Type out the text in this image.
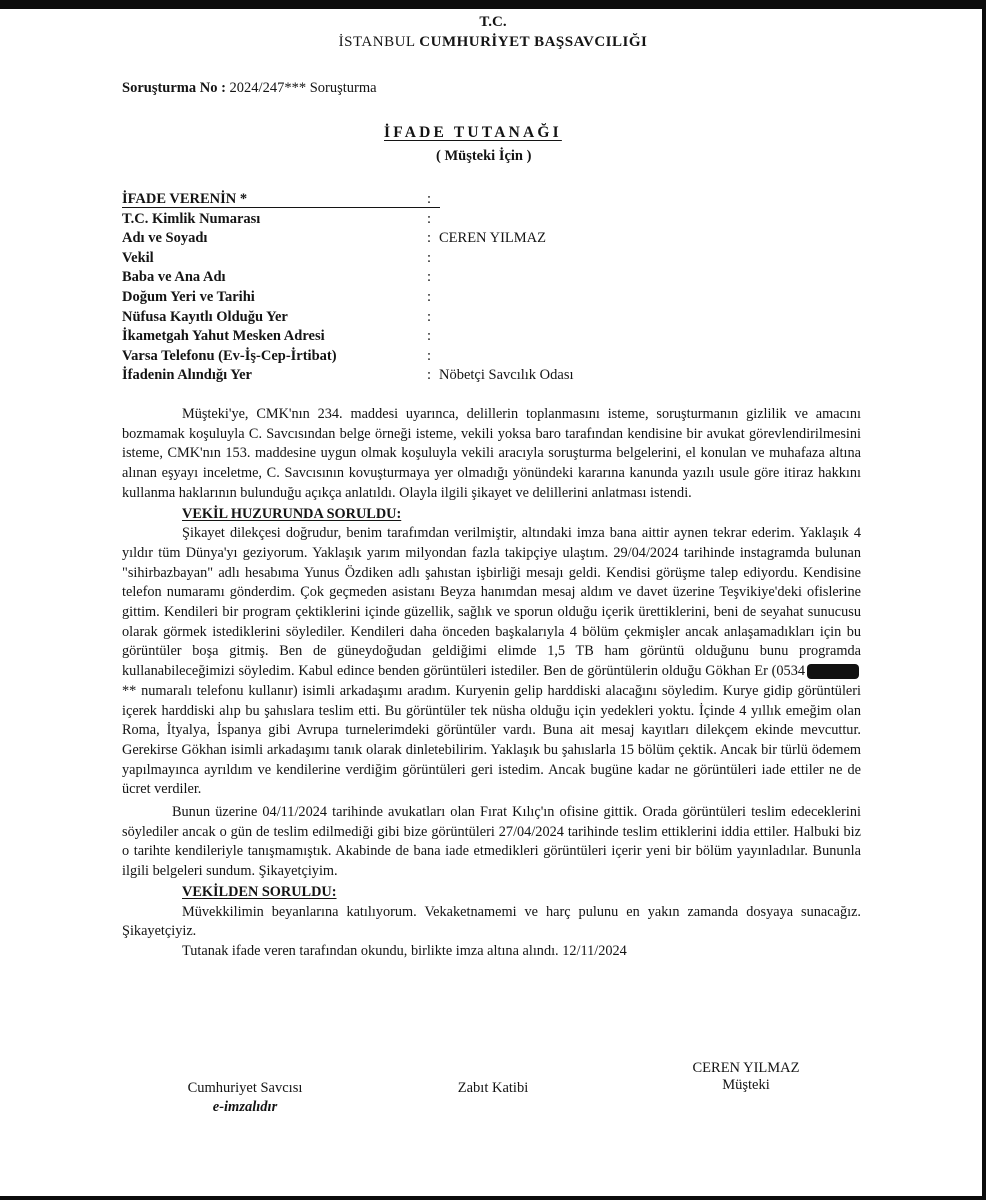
T.C.
İSTANBUL CUMHURİYET BAŞSAVCILIĞI
Soruşturma No : 2024/247*** Soruşturma
İFADE TUTANAĞI
( Müşteki İçin )
İFADE VERENİN *	:
T.C. Kimlik Numarası	:
Adı ve Soyadı	: CEREN YILMAZ
Vekil	:
Baba ve Ana Adı	:
Doğum Yeri ve Tarihi	:
Nüfusa Kayıtlı Olduğu Yer	:
İkametgah Yahut Mesken Adresi	:
Varsa Telefonu (Ev-İş-Cep-İrtibat)	:
İfadenin Alındığı Yer	: Nöbetçi Savcılık Odası

Müşteki'ye, CMK'nın 234. maddesi uyarınca, delillerin toplanmasını isteme, soruşturmanın gizlilik ve amacını bozmamak koşuluyla C. Savcısından belge örneği isteme, vekili yoksa baro tarafından kendisine bir avukat görevlendirilmesini isteme, CMK'nın 153. maddesine uygun olmak koşuluyla vekili aracıyla soruşturma belgelerini, el konulan ve muhafaza altına alınan eşyayı inceletme, C. Savcısının kovuşturmaya yer olmadığı yönündeki kararına kanunda yazılı usule göre itiraz hakkını kullanma haklarının bulunduğu açıkça anlatıldı. Olayla ilgili şikayet ve delillerini anlatması istendi.

VEKİL HUZURUNDA SORULDU:

Şikayet dilekçesi doğrudur, benim tarafımdan verilmiştir, altındaki imza bana aittir aynen tekrar ederim. Yaklaşık 4 yıldır tüm Dünya'yı geziyorum. Yaklaşık yarım milyondan fazla takipçiye ulaştım. 29/04/2024 tarihinde instagramda bulunan "sihirbazbayan" adlı hesabıma Yunus Özdiken adlı şahıstan işbirliği mesajı geldi. Kendisi görüşme talep ediyordu. Kendisine telefon numaramı gönderdim. Çok geçmeden asistanı Beyza hanımdan mesaj aldım ve davet üzerine Teşvikiye'deki ofislerine gittim. Kendileri bir program çektiklerini içinde güzellik, sağlık ve sporun olduğu içerik ürettiklerini, beni de seyahat sunucusu olarak görmek istediklerini söylediler. Kendileri daha önceden başkalarıyla 4 bölüm çekmişler ancak anlaşamadıkları için bu görüntüler boşa gitmiş. Ben de güneydoğudan geldiğimi elimde 1,5 TB ham görüntü olduğunu bunu programda kullanabileceğimizi söyledim. Kabul edince benden görüntüleri istediler. Ben de görüntülerin olduğu Gökhan Er (0534** numaralı telefonu kullanır) isimli arkadaşımı aradım. Kuryenin gelip harddiski alacağını söyledim. Kurye gidip görüntüleri içerek harddiski alıp bu şahıslara teslim etti. Bu görüntüler tek nüsha olduğu için yedekleri yoktu. İçinde 4 yıllık emeğim olan Roma, İtyalya, İspanya gibi Avrupa turnelerimdeki görüntüler vardı. Buna ait mesaj kayıtları dilekçem ekinde mevcuttur. Gerekirse Gökhan isimli arkadaşımı tanık olarak dinletebilirim. Yaklaşık bu şahıslarla 15 bölüm çektik. Ancak bir türlü ödemem yapılmayınca ayrıldım ve kendilerine verdiğim görüntüleri geri istedim. Ancak bugüne kadar ne görüntüleri iade ettiler ne de ücret verdiler.

Bunun üzerine 04/11/2024 tarihinde avukatları olan Fırat Kılıç'ın ofisine gittik. Orada görüntüleri teslim edeceklerini söylediler ancak o gün de teslim edilmediği gibi bize görüntüleri 27/04/2024 tarihinde teslim ettiklerini iddia ettiler. Halbuki biz o tarihte kendileriyle tanışmamıştık. Akabinde de bana iade etmedikleri görüntüleri içerir yeni bir bölüm yayınladılar. Bununla ilgili belgeleri sundum. Şikayetçiyim.

VEKİLDEN SORULDU:

Müvekkilimin beyanlarına katılıyorum. Vekaketnamemi ve harç pulunu en yakın zamanda dosyaya sunacağız. Şikayetçiyiz.

Tutanak ifade veren tarafından okundu, birlikte imza altına alındı. 12/11/2024

Cumhuriyet Savcısı
e-imzalıdır
Zabıt Katibi
CEREN YILMAZ
Müşteki
